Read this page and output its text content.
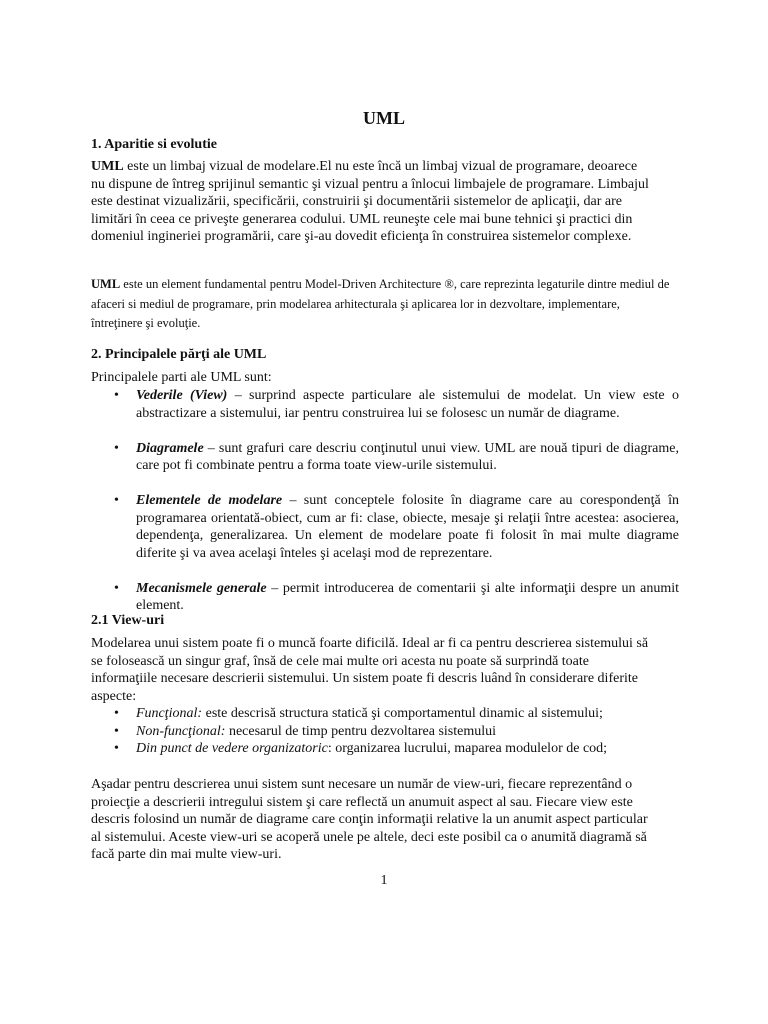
UML
1. Aparitie si evolutie

UML este un limbaj vizual de modelare.El nu este încă un limbaj vizual de programare, deoarece nu dispune de întreg sprijinul semantic şi vizual pentru a înlocui limbajele de programare. Limbajul este destinat vizualizării, specificării, construirii şi documentării sistemelor de aplicaţii, dar are limitări în ceea ce priveşte generarea codului. UML reuneşte cele mai bune tehnici şi practici din domeniul ingineriei programării, care şi-au dovedit eficienţa în construirea sistemelor complexe.

UML este un element fundamental pentru Model-Driven Architecture ®, care reprezinta legaturile dintre mediul de afaceri si mediul de programare, prin modelarea arhitecturala şi aplicarea lor in dezvoltare, implementare, întreţinere şi evoluţie.

2. Principalele părţi ale UML

Principalele parti ale UML sunt:

• Vederile (View) – surprind aspecte particulare ale sistemului de modelat. Un view este o abstractizare a sistemului, iar pentru construirea lui se folosesc un număr de diagrame.
• Diagramele – sunt grafuri care descriu conţinutul unui view. UML are nouă tipuri de diagrame, care pot fi combinate pentru a forma toate view-urile sistemului.
• Elementele de modelare – sunt conceptele folosite în diagrame care au corespondenţă în programarea orientată-obiect, cum ar fi: clase, obiecte, mesaje şi relaţii între acestea: asocierea, dependenţa, generalizarea. Un element de modelare poate fi folosit în mai multe diagrame diferite şi va avea acelaşi înteles şi acelaşi mod de reprezentare.
• Mecanismele generale – permit introducerea de comentarii şi alte informaţii despre un anumit element.
2.1 View-uri

Modelarea unui sistem poate fi o muncă foarte dificilă. Ideal ar fi ca pentru descrierea sistemului să se folosească un singur graf, însă de cele mai multe ori acesta nu poate să surprindă toate informaţiile necesare descrierii sistemului. Un sistem poate fi descris luând în considerare diferite aspecte:

• Funcţional: este descrisă structura statică şi comportamentul dinamic al sistemului;
• Non-funcţional: necesarul de timp pentru dezvoltarea sistemului
• Din punct de vedere organizatoric: organizarea lucrului, maparea modulelor de cod;

Aşadar pentru descrierea unui sistem sunt necesare un număr de view-uri, fiecare reprezentând o proiecţie a descrierii intregului sistem şi care reflectă un anumuit aspect al sau. Fiecare view este descris folosind un număr de diagrame care conţin informaţii relative la un anumit aspect particular al sistemului. Aceste view-uri se acoperă unele pe altele, deci este posibil ca o anumită diagramă să facă parte din mai multe view-uri.

1
